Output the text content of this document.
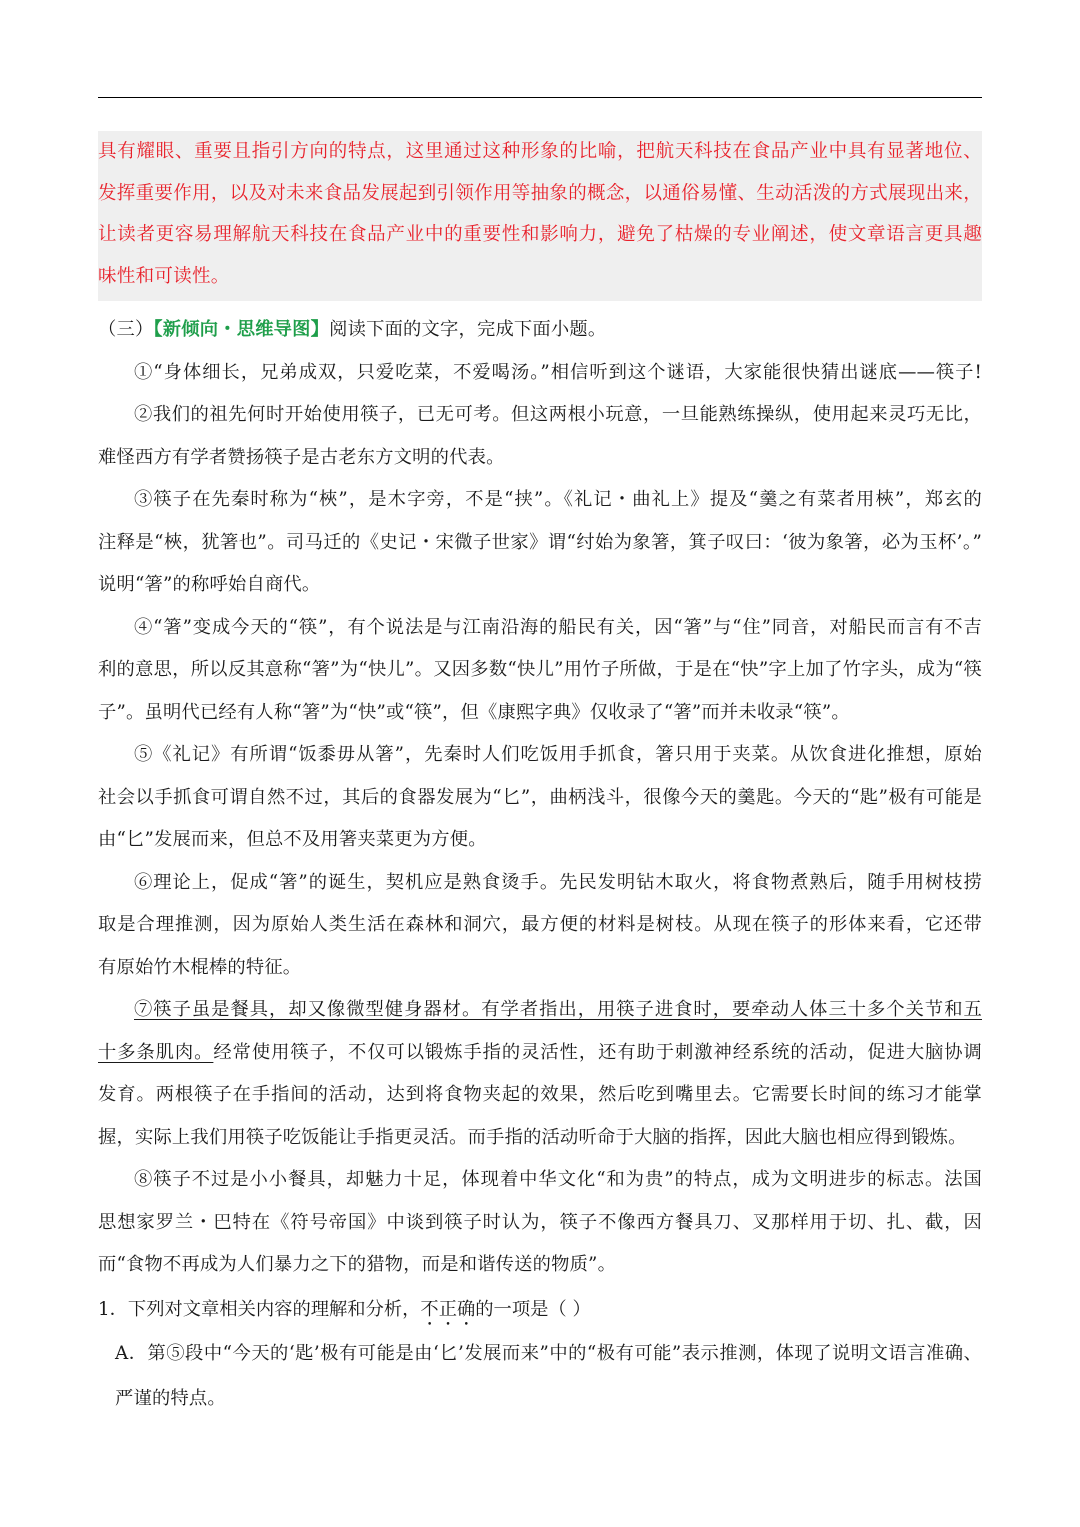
具有耀眼、重要且指引方向的特点，这里通过这种形象的比喻，把航天科技在食品产业中具有显著地位、

发挥重要作用，以及对未来食品发展起到引领作用等抽象的概念，以通俗易懂、生动活泼的方式展现出来，

让读者更容易理解航天科技在食品产业中的重要性和影响力，避免了枯燥的专业阐述，使文章语言更具趣

味性和可读性。

（三）【新倾向・思维导图】阅读下面的文字，完成下面小题。
①“身体细长，兄弟成双，只爱吃菜，不爱喝汤。”相信听到这个谜语，大家能很快猜出谜底——筷子!
②我们的祖先何时开始使用筷子，已无可考。但这两根小玩意，一旦能熟练操纵，使用起来灵巧无比，
难怪西方有学者赞扬筷子是古老东方文明的代表。
③筷子在先秦时称为“梜”，是木字旁，不是“挟”。《礼记・曲礼上》提及“羹之有菜者用梜”，郑玄的
注释是“梜，犹箸也”。司马迁的《史记・宋微子世家》谓“纣始为象箸，箕子叹曰：‘彼为象箸，必为玉杯’。”
说明“箸”的称呼始自商代。
④“箸”变成今天的“筷”，有个说法是与江南沿海的船民有关，因“箸”与“住”同音，对船民而言有不吉
利的意思，所以反其意称“箸”为“快儿”。又因多数“快儿”用竹子所做，于是在“快”字上加了竹字头，成为“筷
子”。虽明代已经有人称“箸”为“快”或“筷”，但《康熙字典》仅收录了“箸”而并未收录“筷”。
⑤《礼记》有所谓“饭黍毋从箸”，先秦时人们吃饭用手抓食，箸只用于夹菜。从饮食进化推想，原始
社会以手抓食可谓自然不过，其后的食器发展为“匕”，曲柄浅斗，很像今天的羹匙。今天的“匙”极有可能是
由“匕”发展而来，但总不及用箸夹菜更为方便。
⑥理论上，促成“箸”的诞生，契机应是熟食烫手。先民发明钻木取火，将食物煮熟后，随手用树枝捞
取是合理推测，因为原始人类生活在森林和洞穴，最方便的材料是树枝。从现在筷子的形体来看，它还带
有原始竹木棍棒的特征。
⑦筷子虽是餐具，却又像微型健身器材。有学者指出，用筷子进食时，要牵动人体三十多个关节和五
十多条肌肉。经常使用筷子，不仅可以锻炼手指的灵活性，还有助于刺激神经系统的活动，促进大脑协调
发育。两根筷子在手指间的活动，达到将食物夹起的效果，然后吃到嘴里去。它需要长时间的练习才能掌
握，实际上我们用筷子吃饭能让手指更灵活。而手指的活动听命于大脑的指挥，因此大脑也相应得到锻炼。
⑧筷子不过是小小餐具，却魅力十足，体现着中华文化“和为贵”的特点，成为文明进步的标志。法国
思想家罗兰・巴特在《符号帝国》中谈到筷子时认为，筷子不像西方餐具刀、叉那样用于切、扎、截，因
而“食物不再成为人们暴力之下的猎物，而是和谐传送的物质”。
1．下列对文章相关内容的理解和分析，不正确的一项是（ ）
A．第⑤段中“今天的‘匙’极有可能是由‘匕’发展而来”中的“极有可能”表示推测，体现了说明文语言准确、
严谨的特点。
